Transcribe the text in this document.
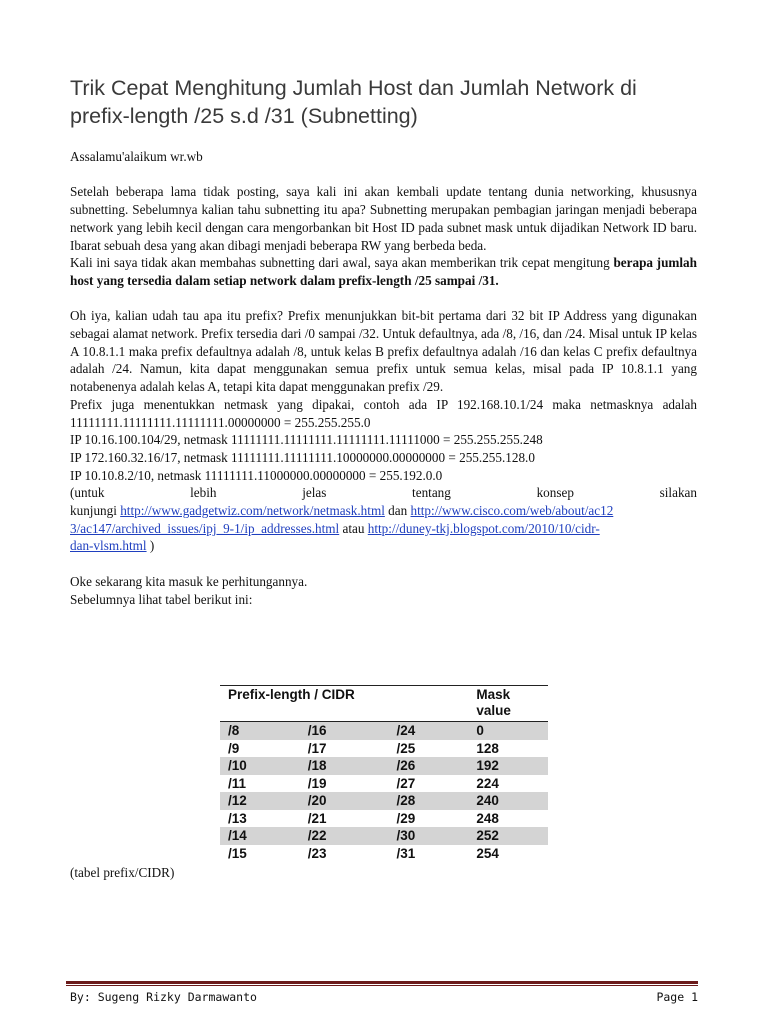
Trik Cepat Menghitung Jumlah Host dan Jumlah Network di prefix-length /25 s.d /31 (Subnetting)

Assalamu'alaikum wr.wb

Setelah beberapa lama tidak posting, saya kali ini akan kembali update tentang dunia networking, khususnya subnetting. Sebelumnya kalian tahu subnetting itu apa? Subnetting merupakan pembagian jaringan menjadi beberapa network yang lebih kecil dengan cara mengorbankan bit Host ID pada subnet mask untuk dijadikan Network ID baru. Ibarat sebuah desa yang akan dibagi menjadi beberapa RW yang berbeda beda.

Kali ini saya tidak akan membahas subnetting dari awal, saya akan memberikan trik cepat mengitung berapa jumlah host yang tersedia dalam setiap network dalam prefix-length /25 sampai /31.

Oh iya, kalian udah tau apa itu prefix? Prefix menunjukkan bit-bit pertama dari 32 bit IP Address yang digunakan sebagai alamat network. Prefix tersedia dari /0 sampai /32. Untuk defaultnya, ada /8, /16, dan /24. Misal untuk IP kelas A 10.8.1.1 maka prefix defaultnya adalah /8, untuk kelas B prefix defaultnya adalah /16 dan kelas C prefix defaultnya adalah /24. Namun, kita dapat menggunakan semua prefix untuk semua kelas, misal pada IP 10.8.1.1 yang notabenenya adalah kelas A, tetapi kita dapat menggunakan prefix /29.

Prefix juga menentukkan netmask yang dipakai, contoh ada IP 192.168.10.1/24 maka netmasknya adalah 11111111.11111111.11111111.00000000 = 255.255.255.0

IP 10.16.100.104/29, netmask 11111111.11111111.11111111.11111000 = 255.255.255.248

IP 172.160.32.16/17, netmask 11111111.11111111.10000000.00000000 = 255.255.128.0

IP 10.10.8.2/10, netmask 11111111.11000000.00000000 = 255.192.0.0

(untuk	lebih	jelas	tentang	konsep	silakan

kunjungi http://www.gadgetwiz.com/network/netmask.html dan http://www.cisco.com/web/about/ac12

3/ac147/archived_issues/ipj_9-1/ip_addresses.html atau http://duney-tkj.blogspot.com/2010/10/cidr-

dan-vlsm.html )

Oke sekarang kita masuk ke perhitungannya.

Sebelumnya lihat tabel berikut ini:

Prefix-length / CIDR			Mask
value
/8	/16	/24	0
/9	/17	/25	128
/10	/18	/26	192
/11	/19	/27	224
/12	/20	/28	240
/13	/21	/29	248
/14	/22	/30	252
/15	/23	/31	254
(tabel prefix/CIDR)
By: Sugeng Rizky Darmawanto	Page 1
